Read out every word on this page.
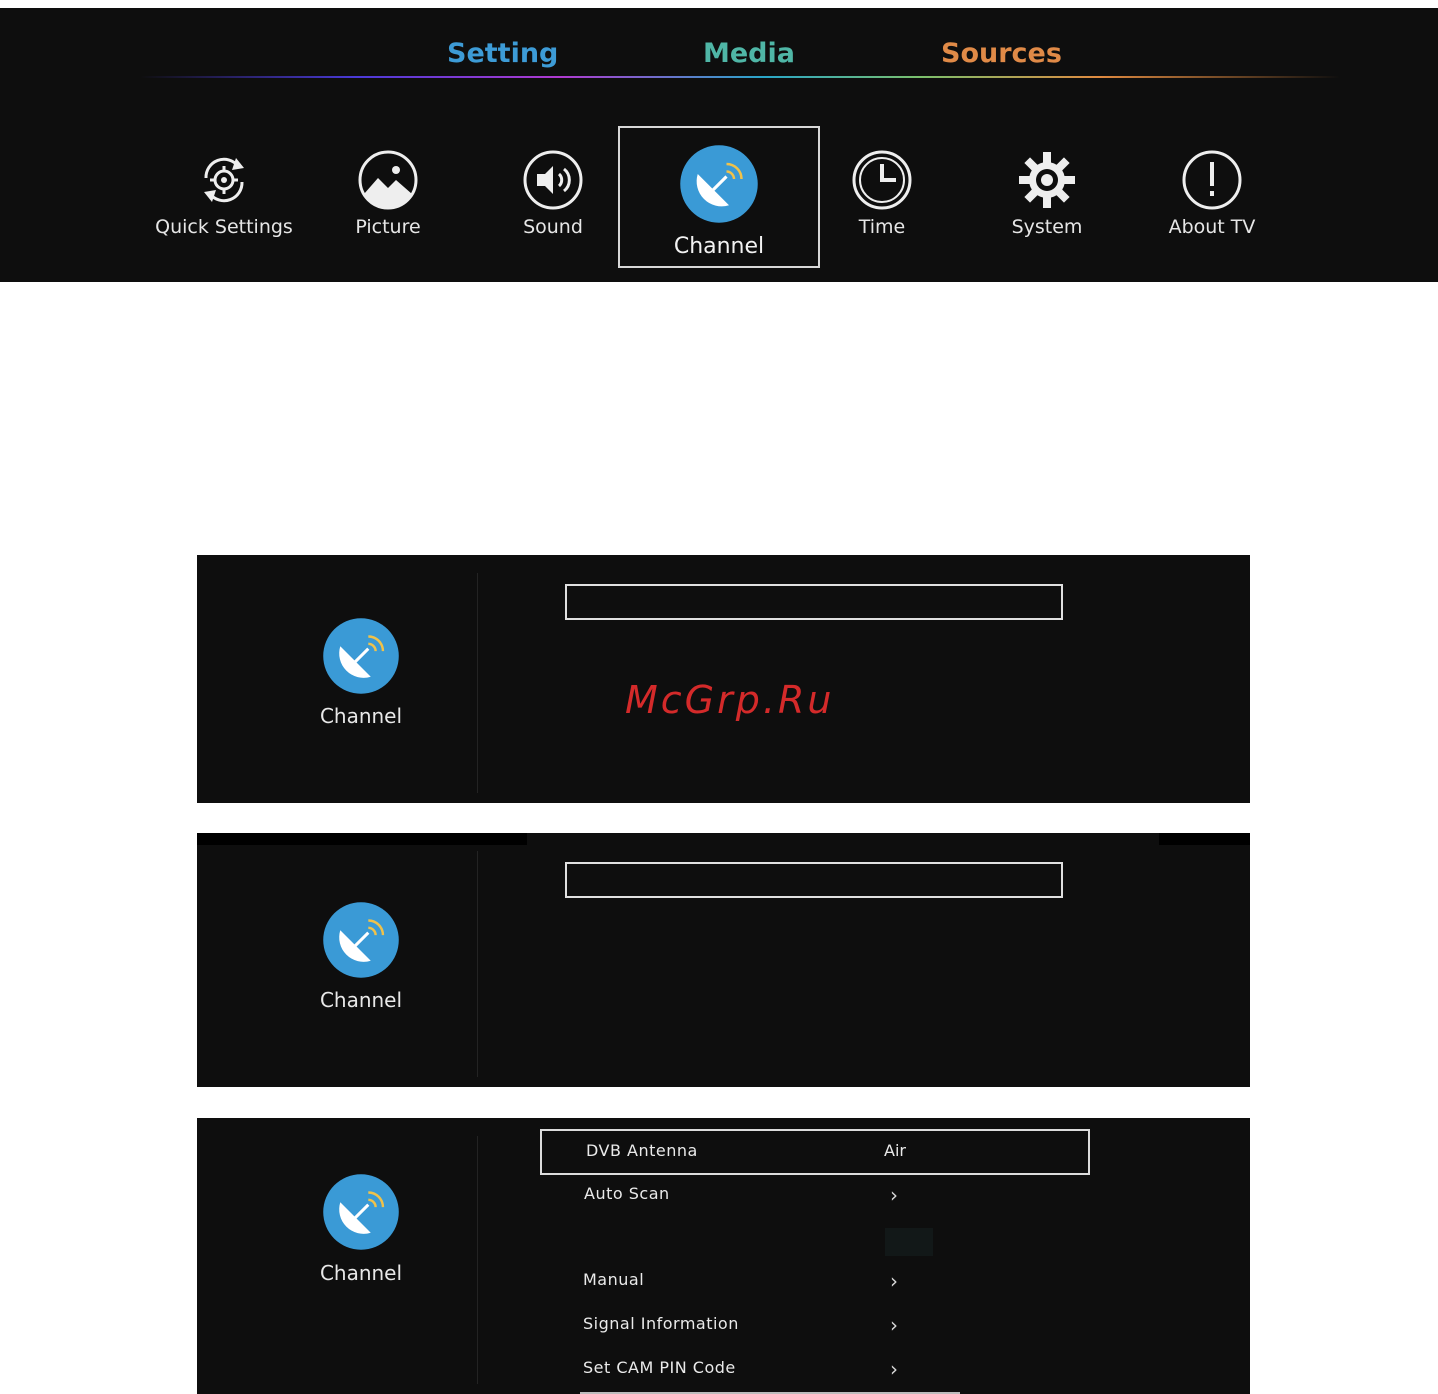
Setting	Media	Sources
Quick Settings	Picture	Sound
Channel
Time	System	About TV
Channel	McGrp.Ru
Channel
Channel
DVB Antenna	Air
Auto Scan	›
Manual	›
Signal Information	›
Set CAM PIN Code	›
